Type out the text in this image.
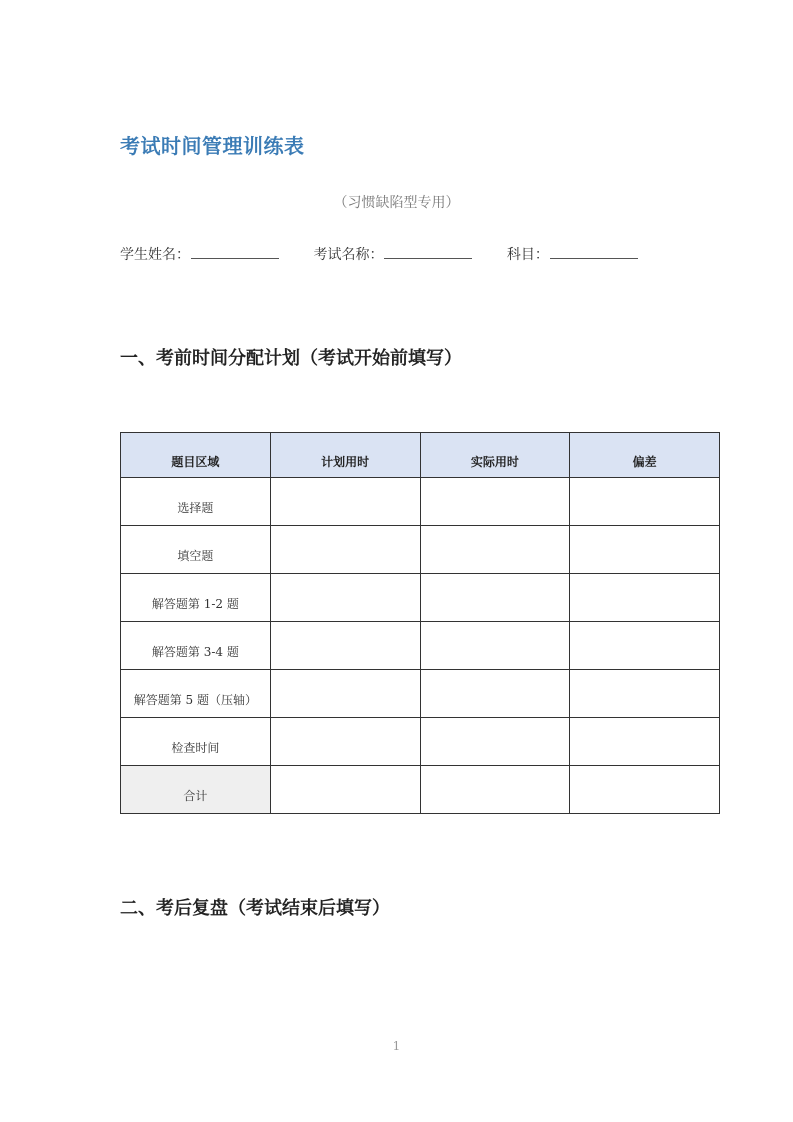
考试时间管理训练表
（习惯缺陷型专用）
学生姓名：	考试名称：	科目：
一、考前时间分配计划（考试开始前填写）
题目区域	计划用时	实际用时	偏差
选择题			
填空题			
解答题第 1-2 题			
解答题第 3-4 题			
解答题第 5 题（压轴）			
检查时间			
合计			
二、考后复盘（考试结束后填写）
1
